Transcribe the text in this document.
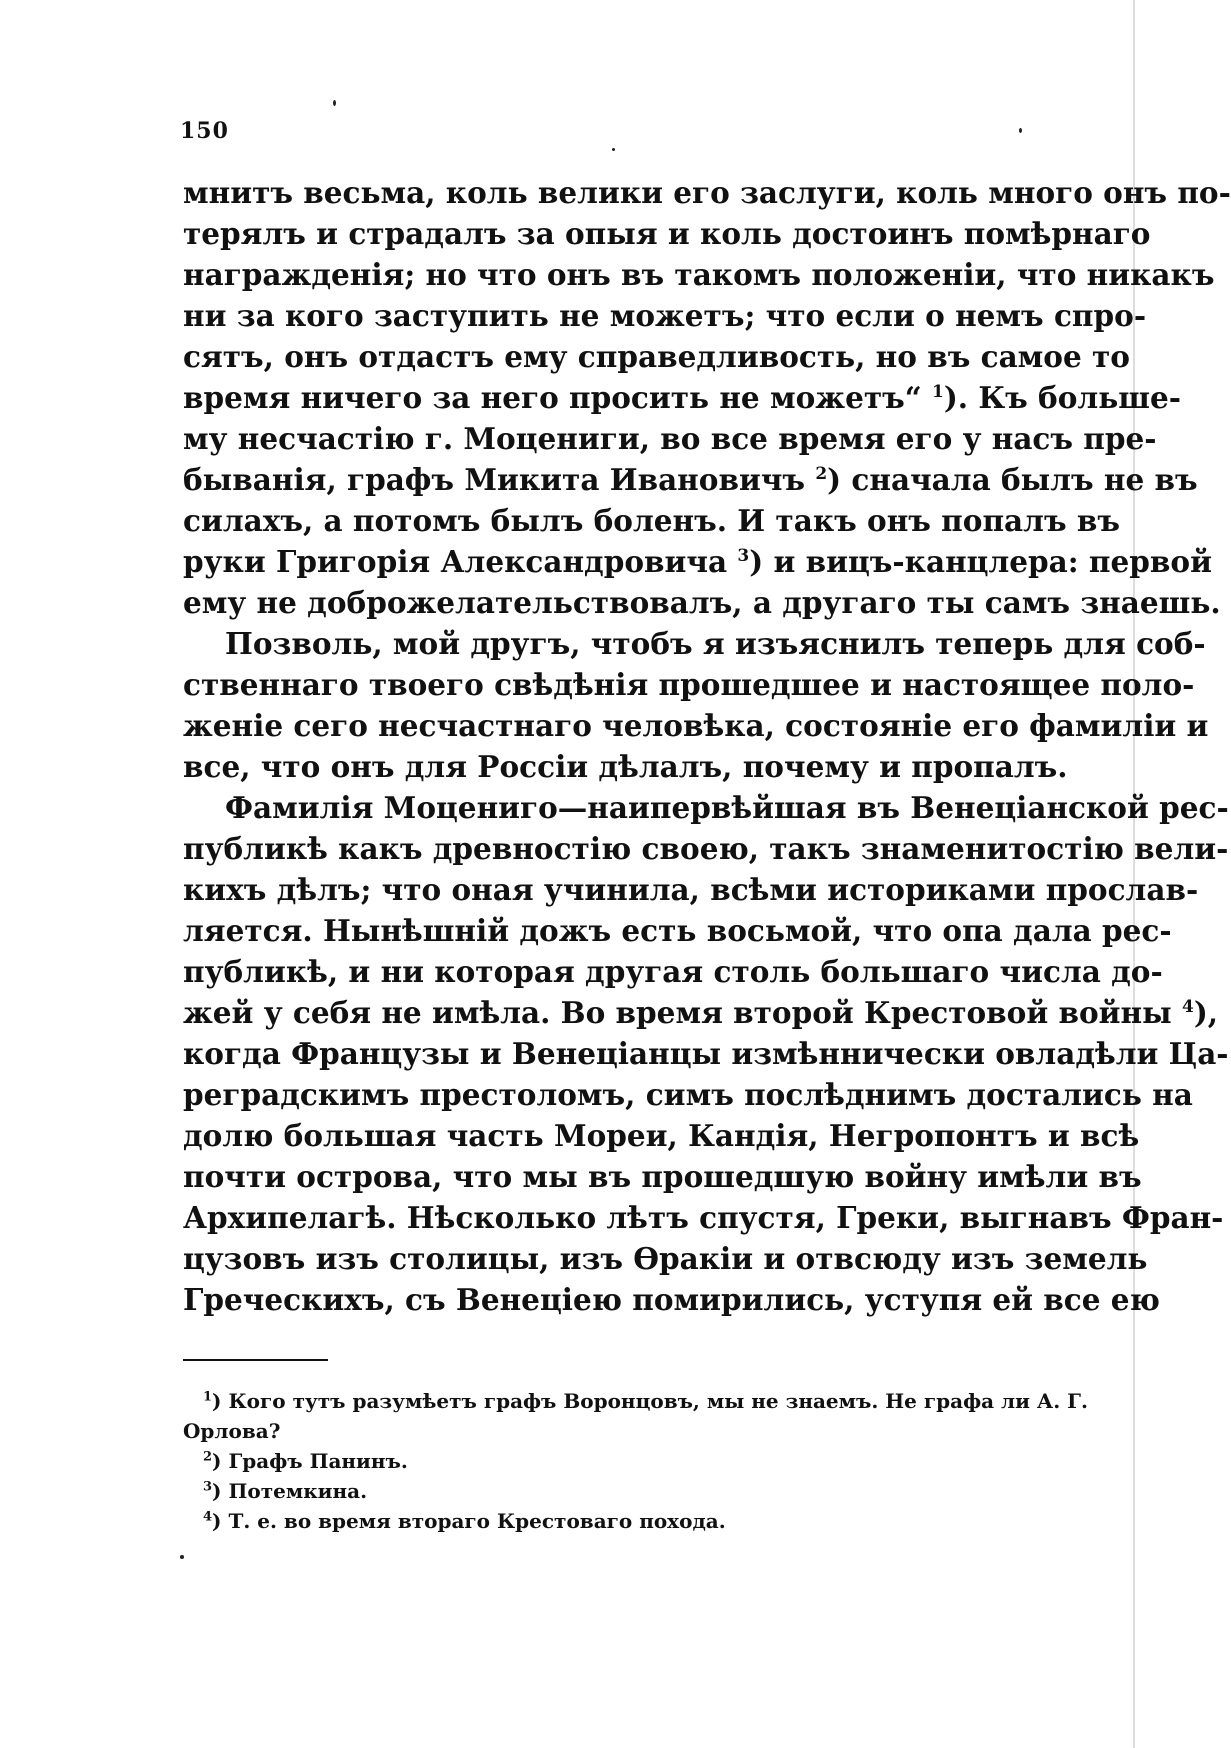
150
мнитъ весьма, коль велики его заслуги, коль много онъ по-
терялъ и страдалъ за опыя и коль достоинъ помѣрнаго
награжденія; но что онъ въ такомъ положеніи, что никакъ
ни за кого заступить не можетъ; что если о немъ спро-
сятъ, онъ отдастъ ему справедливость, но въ самое то
время ничего за него просить не можетъ“ $^1$). Къ больше-
му несчастію г. Моцениги, во все время его у насъ пре-
быванія, графъ Микита Ивановичъ $^2$) сначала былъ не въ
силахъ, а потомъ былъ боленъ. И такъ онъ попалъ въ
руки Григорія Александровича $^3$) и вицъ-канцлера: первой
ему не доброжелательствовалъ, а другаго ты самъ знаешь.
Позволь, мой другъ, чтобъ я изъяснилъ теперь для соб-
ственнаго твоего свѣдѣнія прошедшее и настоящее поло-
женіе сего несчастнаго человѣка, состояніе его фамиліи и
все, что онъ для Россіи дѣлалъ, почему и пропалъ.
Фамилія Моцениго—наипервѣйшая въ Венеціанской рес-
публикѣ какъ древностію своею, такъ знаменитостію вели-
кихъ дѣлъ; что оная учинила, всѣми историками прослав-
ляется. Нынѣшній дожъ есть восьмой, что опа дала рес-
публикѣ, и ни которая другая столь большаго числа до-
жей у себя не имѣла. Во время второй Крестовой войны $^4$),
когда Французы и Венеціанцы измѣннически овладѣли Ца-
реградскимъ престоломъ, симъ послѣднимъ достались на
долю большая часть Мореи, Кандія, Негропонтъ и всѣ
почти острова, что мы въ прошедшую войну имѣли въ
Архипелагѣ. Нѣсколько лѣтъ спустя, Греки, выгнавъ Фран-
цузовъ изъ столицы, изъ Ѳракіи и отвсюду изъ земель
Греческихъ, съ Венеціею помирились, уступя ей все ею
$^1$) Кого тутъ разумѣетъ графъ Воронцовъ, мы не знаемъ. Не графа ли А. Г.
Орлова?
$^2$) Графъ Панинъ.
$^3$) Потемкина.
$^4$) Т. е. во время втораго Крестоваго похода.
